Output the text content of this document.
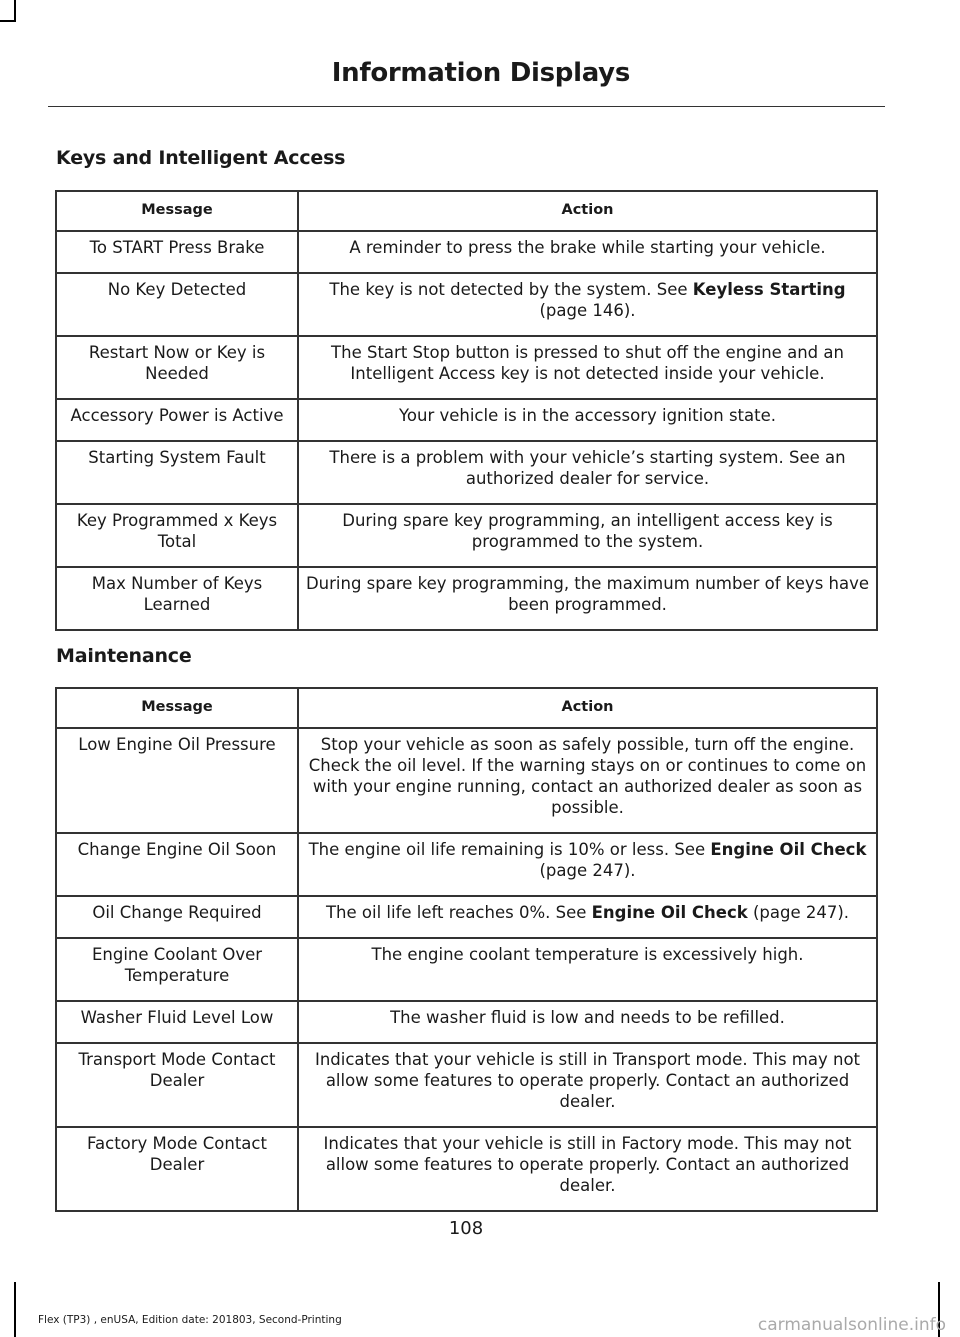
Information Displays
Keys and Intelligent Access
Message	Action
To START Press Brake	A reminder to press the brake while starting your vehicle.
No Key Detected	The key is not detected by the system. See Keyless Starting (page 146).
Restart Now or Key is Needed	The Start Stop button is pressed to shut off the engine and an Intelligent Access key is not detected inside your vehicle.
Accessory Power is Active	Your vehicle is in the accessory ignition state.
Starting System Fault	There is a problem with your vehicle’s starting system. See an authorized dealer for service.
Key Programmed x Keys Total	During spare key programming, an intelligent access key is programmed to the system.
Max Number of Keys Learned	During spare key programming, the maximum number of keys have been programmed.
Maintenance
Message	Action
Low Engine Oil Pressure	Stop your vehicle as soon as safely possible, turn off the engine. Check the oil level. If the warning stays on or continues to come on with your engine running, contact an authorized dealer as soon as possible.
Change Engine Oil Soon	The engine oil life remaining is 10% or less. See Engine Oil Check (page 247).
Oil Change Required	The oil life left reaches 0%. See Engine Oil Check (page 247).
Engine Coolant Over Temperature	The engine coolant temperature is excessively high.
Washer Fluid Level Low	The washer fluid is low and needs to be refilled.
Transport Mode Contact Dealer	Indicates that your vehicle is still in Transport mode. This may not allow some features to operate properly. Contact an authorized dealer.
Factory Mode Contact Dealer	Indicates that your vehicle is still in Factory mode. This may not allow some features to operate properly. Contact an authorized dealer.
108
Flex (TP3) , enUSA, Edition date: 201803, Second-Printing	carmanualsonline.info
